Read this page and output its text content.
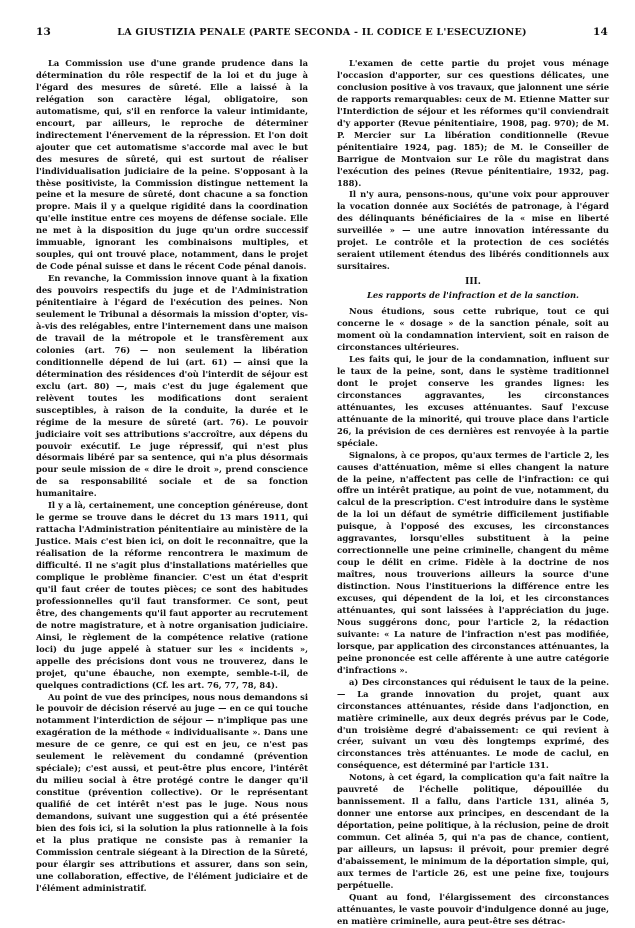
13	LA GIUSTIZIA PENALE (PARTE SECONDA - IL CODICE E L'ESECUZIONE)	14

La Commission use d'une grande prudence dans la détermination du rôle respectif de la loi et du juge à l'égard des mesures de sûreté. Elle a laissé à la relégation son caractère légal, obligatoire, son automatisme, qui, s'il en renforce la valeur intimidante, encourt, par ailleurs, le reproche de déterminer indirectement l'énervement de la répression. Et l'on doit ajouter que cet automatisme s'accorde mal avec le but des mesures de sûreté, qui est surtout de réaliser l'individualisation judiciaire de la peine. S'opposant à la thèse positiviste, la Commission distingue nettement la peine et la mesure de sûreté, dont chacune a sa fonction propre. Mais il y a quelque rigidité dans la coordination qu'elle institue entre ces moyens de défense sociale. Elle ne met à la disposition du juge qu'un ordre successif immuable, ignorant les combinaisons multiples, et souples, qui ont trouvé place, notamment, dans le projet de Code pénal suisse et dans le récent Code pénal danois.

En revanche, la Commission innove quant à la fixation des pouvoirs respectifs du juge et de l'Administration pénitentiaire à l'égard de l'exécution des peines. Non seulement le Tribunal a désormais la mission d'opter, vis-à-vis des relégables, entre l'internement dans une maison de travail de la métropole et le transfèrement aux colonies (art. 76) — non seulement la libération conditionnelle dépend de lui (art. 61) — ainsi que la détermination des résidences d'où l'interdit de séjour est exclu (art. 80) —, mais c'est du juge également que relèvent toutes les modifications dont seraient susceptibles, à raison de la conduite, la durée et le régime de la mesure de sûreté (art. 76). Le pouvoir judiciaire voit ses attributions s'accroître, aux dépens du pouvoir exécutif. Le juge répressif, qui n'est plus désormais libéré par sa sentence, qui n'a plus désormais pour seule mission de « dire le droit », prend conscience de sa responsabilité sociale et de sa fonction humanitaire.

Il y a là, certainement, une conception généreuse, dont le germe se trouve dans le décret du 13 mars 1911, qui rattacha l'Administration pénitentiaire au ministère de la Justice. Mais c'est bien ici, on doit le reconnaître, que la réalisation de la réforme rencontrera le maximum de difficulté. Il ne s'agit plus d'installations matérielles que complique le problème financier. C'est un état d'esprit qu'il faut créer de toutes pièces; ce sont des habitudes professionnelles qu'il faut transformer. Ce sont, peut être, des changements qu'il faut apporter au recrutement de notre magistrature, et à notre organisation judiciaire. Ainsi, le règlement de la compétence relative (ratione loci) du juge appelé à statuer sur les « incidents », appelle des précisions dont vous ne trouverez, dans le projet, qu'une ébauche, non exempte, semble-t-il, de quelques contradictions (Cf. les art. 76, 77, 78, 84).

Au point de vue des principes, nous nous demandons si le pouvoir de décision réservé au juge — en ce qui touche notamment l'interdiction de séjour — n'implique pas une exagération de la méthode « individualisante ». Dans une mesure de ce genre, ce qui est en jeu, ce n'est pas seulement le relèvement du condamné (prévention spéciale); c'est aussi, et peut-être plus encore, l'intérêt du milieu social à être protégé contre le danger qu'il constitue (prévention collective). Or le représentant qualifié de cet intérêt n'est pas le juge. Nous nous demandons, suivant une suggestion qui a été présentée bien des fois ici, si la solution la plus rationnelle à la fois et la plus pratique ne consiste pas à remanier la Commission centrale siégeant à la Direction de la Sûreté, pour élargir ses attributions et assurer, dans son sein, une collaboration, effective, de l'élément judiciaire et de l'élément administratif.

L'examen de cette partie du projet vous ménage l'occasion d'apporter, sur ces questions délicates, une conclusion positive à vos travaux, que jalonnent une série de rapports remarquables: ceux de M. Etienne Matter sur l'Interdiction de séjour et les réformes qu'il conviendrait d'y apporter (Revue pénitentiaire, 1908, pag. 970); de M. P. Mercier sur La libération conditionnelle (Revue pénitentiaire 1924, pag. 185); de M. le Conseiller de Barrigue de Montvaion sur Le rôle du magistrat dans l'exécution des peines (Revue pénitentiaire, 1932, pag. 188).

Il n'y aura, pensons-nous, qu'une voix pour approuver la vocation donnée aux Sociétés de patronage, à l'égard des délinquants bénéficiaires de la « mise en liberté surveillée » — une autre innovation intéressante du projet. Le contrôle et la protection de ces sociétés seraient utilement étendus des libérés conditionnels aux sursitaires.

III.
Les rapports de l'infraction et de la sanction.

Nous étudions, sous cette rubrique, tout ce qui concerne le « dosage » de la sanction pénale, soit au moment où la condamnation intervient, soit en raison de circonstances ultérieures.

Les faits qui, le jour de la condamnation, influent sur le taux de la peine, sont, dans le système traditionnel dont le projet conserve les grandes lignes: les circonstances aggravantes, les circonstances atténuantes, les excuses atténuantes. Sauf l'excuse atténuante de la minorité, qui trouve place dans l'article 26, la prévision de ces dernières est renvoyée à la partie spéciale.

Signalons, à ce propos, qu'aux termes de l'article 2, les causes d'atténuation, même si elles changent la nature de la peine, n'affectent pas celle de l'infraction: ce qui offre un intérêt pratique, au point de vue, notamment, du calcul de la prescription. C'est introduire dans le système de la loi un défaut de symétrie difficilement justifiable puisque, à l'opposé des excuses, les circonstances aggravantes, lorsqu'elles substituent à la peine correctionnelle une peine criminelle, changent du même coup le délit en crime. Fidèle à la doctrine de nos maîtres, nous trouverions ailleurs la source d'une distinction. Nous l'instituerions la différence entre les excuses, qui dépendent de la loi, et les circonstances atténuantes, qui sont laissées à l'appréciation du juge. Nous suggérons donc, pour l'article 2, la rédaction suivante: « La nature de l'infraction n'est pas modifiée, lorsque, par application des circonstances atténuantes, la peine prononcée est celle afférente à une autre catégorie d'infractions ».

a) Des circonstances qui réduisent le taux de la peine. — La grande innovation du projet, quant aux circonstances atténuantes, réside dans l'adjonction, en matière criminelle, aux deux degrés prévus par le Code, d'un troisième degré d'abaissement: ce qui revient à créer, suivant un vœu dès longtemps exprimé, des circonstances très atténuantes. Le mode de caclul, en conséquence, est déterminé par l'article 131.

Notons, à cet égard, la complication qu'a fait naître la pauvreté de l'échelle politique, dépouillée du bannissement. Il a fallu, dans l'article 131, alinéa 5, donner une entorse aux principes, en descendant de la déportation, peine politique, à la réclusion, peine de droit commun. Cet alinéa 5, qui n'a pas de chance, contient, par ailleurs, un lapsus: il prévoit, pour premier degré d'abaissement, le minimum de la déportation simple, qui, aux termes de l'article 26, est une peine fixe, toujours perpétuelle.

Quant au fond, l'élargissement des circonstances atténuantes, le vaste pouvoir d'indulgence donné au juge, en matière criminelle, aura peut-être ses détrac-
